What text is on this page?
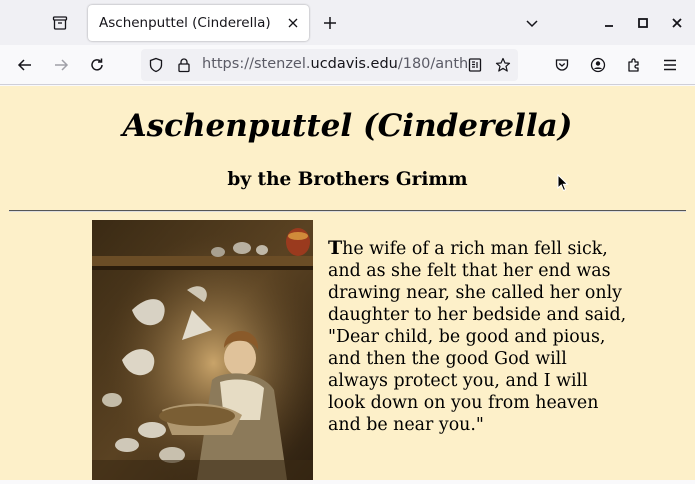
Aschenputtel (Cinderella)
https://stenzel.ucdavis.edu/180/anth
Aschenputtel (Cinderella)
by the Brothers Grimm

The wife of a rich man fell sick, and as she felt that her end was drawing near, she called her only daughter to her bedside and said, "Dear child, be good and pious, and then the good God will always protect you, and I will look down on you from heaven and be near you."
